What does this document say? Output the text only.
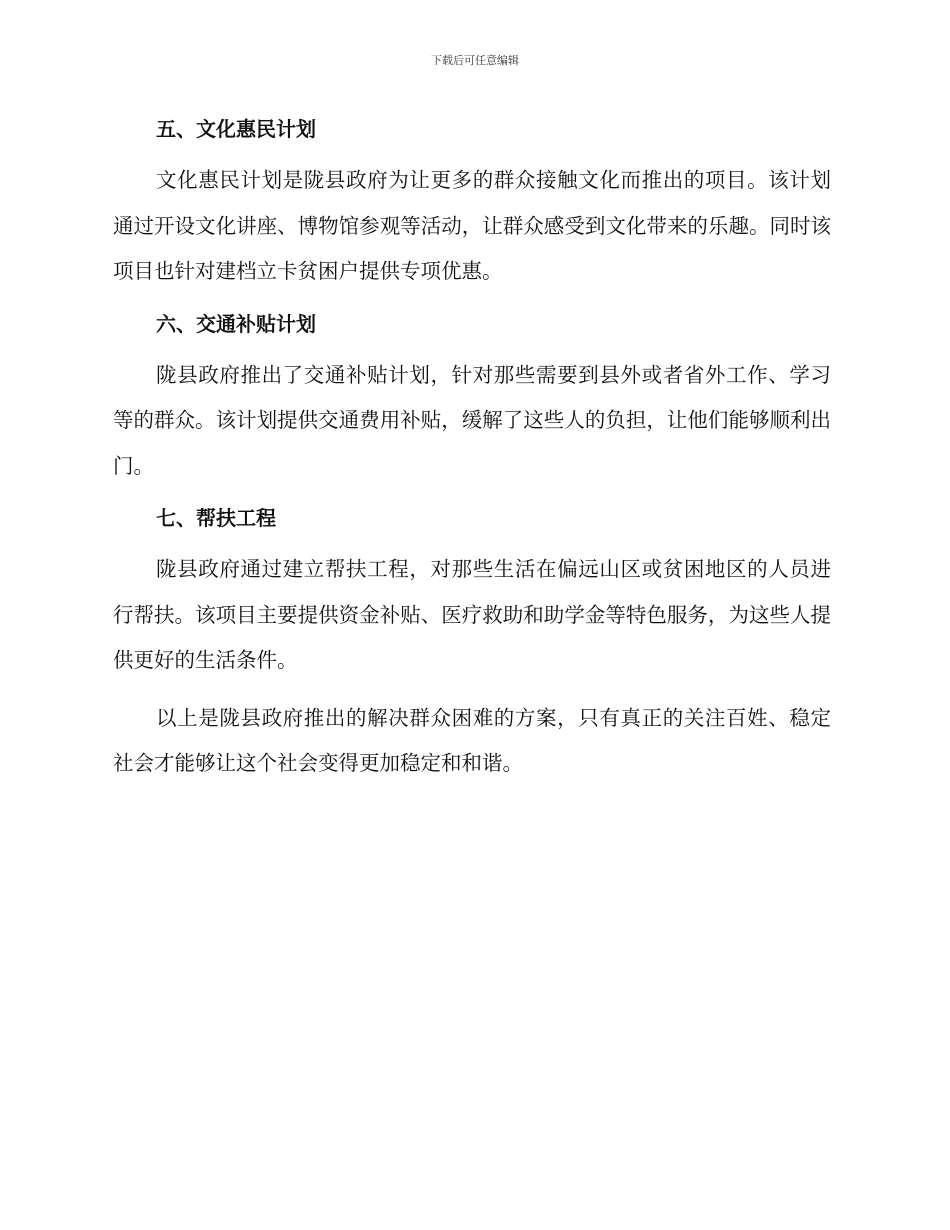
下载后可任意编辑
五、文化惠民计划

文化惠民计划是陇县政府为让更多的群众接触文化而推出的项目。该计划通过开设文化讲座、博物馆参观等活动，让群众感受到文化带来的乐趣。同时该项目也针对建档立卡贫困户提供专项优惠。

六、交通补贴计划

陇县政府推出了交通补贴计划，针对那些需要到县外或者省外工作、学习等的群众。该计划提供交通费用补贴，缓解了这些人的负担，让他们能够顺利出门。

七、帮扶工程

陇县政府通过建立帮扶工程，对那些生活在偏远山区或贫困地区的人员进行帮扶。该项目主要提供资金补贴、医疗救助和助学金等特色服务，为这些人提供更好的生活条件。

以上是陇县政府推出的解决群众困难的方案，只有真正的关注百姓、稳定社会才能够让这个社会变得更加稳定和和谐。
